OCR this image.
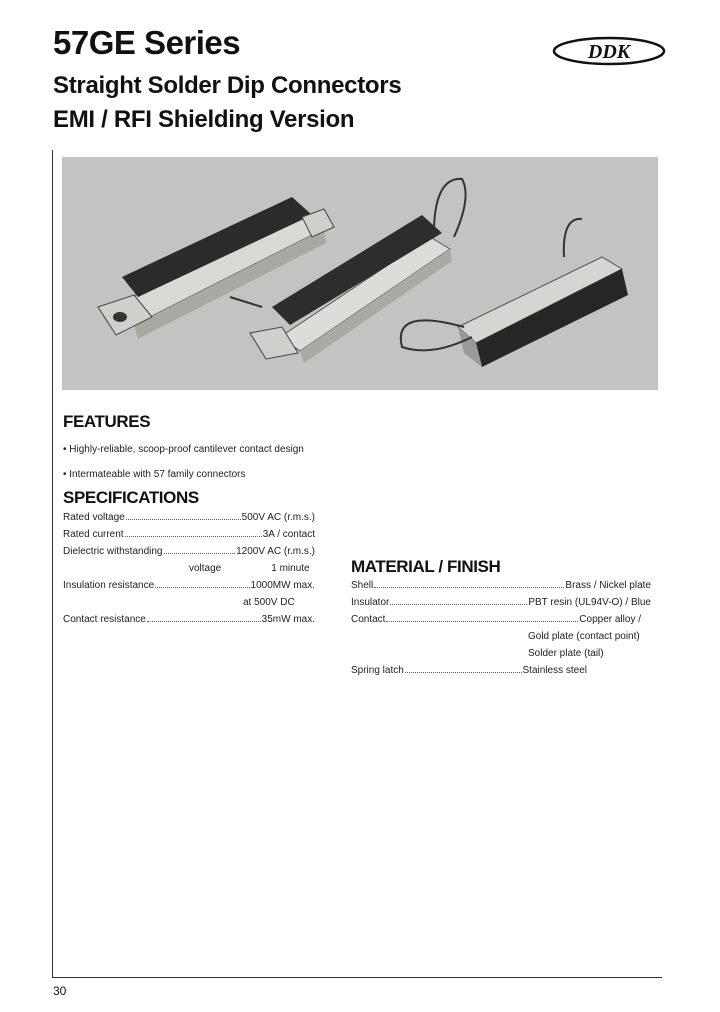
57GE Series
Straight Solder Dip Connectors
EMI / RFI Shielding Version
DDK
FEATURES
• Highly-reliable, scoop-proof cantilever contact design
• Intermateable with 57 family connectors
SPECIFICATIONS
Rated voltage	500V AC (r.m.s.)
Rated current	3A / contact
Dielectric withstanding	1200V AC (r.m.s.)
voltage                  1 minute
Insulation resistance	1000MW max.
at 500V DC
Contact resistance	35mW max.
MATERIAL / FINISH
Shell	Brass / Nickel plate
Insulator	PBT resin (UL94V-O) / Blue
Contact	Copper alloy /
Gold plate (contact point)
Solder plate (tail)
Spring latch	Stainless steel
30
